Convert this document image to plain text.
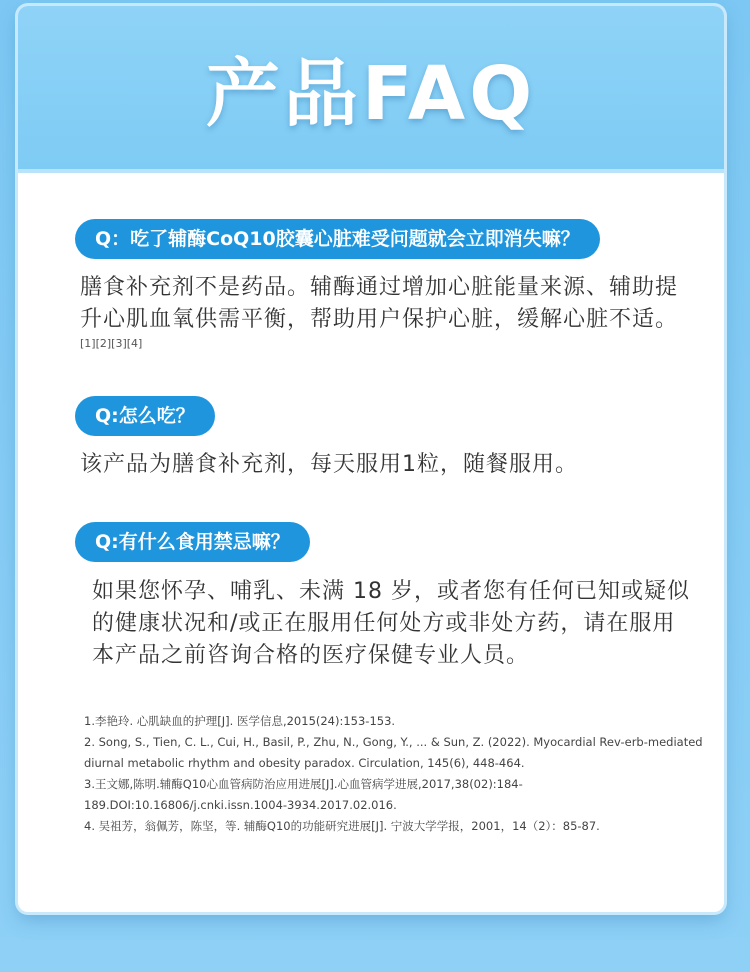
产品FAQ
Q：吃了辅酶CoQ10胶囊心脏难受问题就会立即消失嘛？
膳食补充剂不是药品。辅酶通过增加心脏能量来源、辅助提升心肌血氧供需平衡，帮助用户保护心脏，缓解心脏不适。
[1][2][3][4]
Q:怎么吃？
该产品为膳食补充剂，每天服用1粒，随餐服用。
Q:有什么食用禁忌嘛？
如果您怀孕、哺乳、未满 18 岁，或者您有任何已知或疑似的健康状况和/或正在服用任何处方或非处方药，请在服用本产品之前咨询合格的医疗保健专业人员。

1.李艳玲. 心肌缺血的护理[J]. 医学信息,2015(24):153-153.

2. Song, S., Tien, C. L., Cui, H., Basil, P., Zhu, N., Gong, Y., ... & Sun, Z. (2022). Myocardial Rev-erb-mediated diurnal metabolic rhythm and obesity paradox. Circulation, 145(6), 448-464.

3.王文娜,陈明.辅酶Q10心血管病防治应用进展[J].心血管病学进展,2017,38(02):184-189.DOI:10.16806/j.cnki.issn.1004-3934.2017.02.016.

4. 吴祖芳，翁佩芳，陈坚，等. 辅酶Q10的功能研究进展[J]. 宁波大学学报，2001，14（2）：85-87.
